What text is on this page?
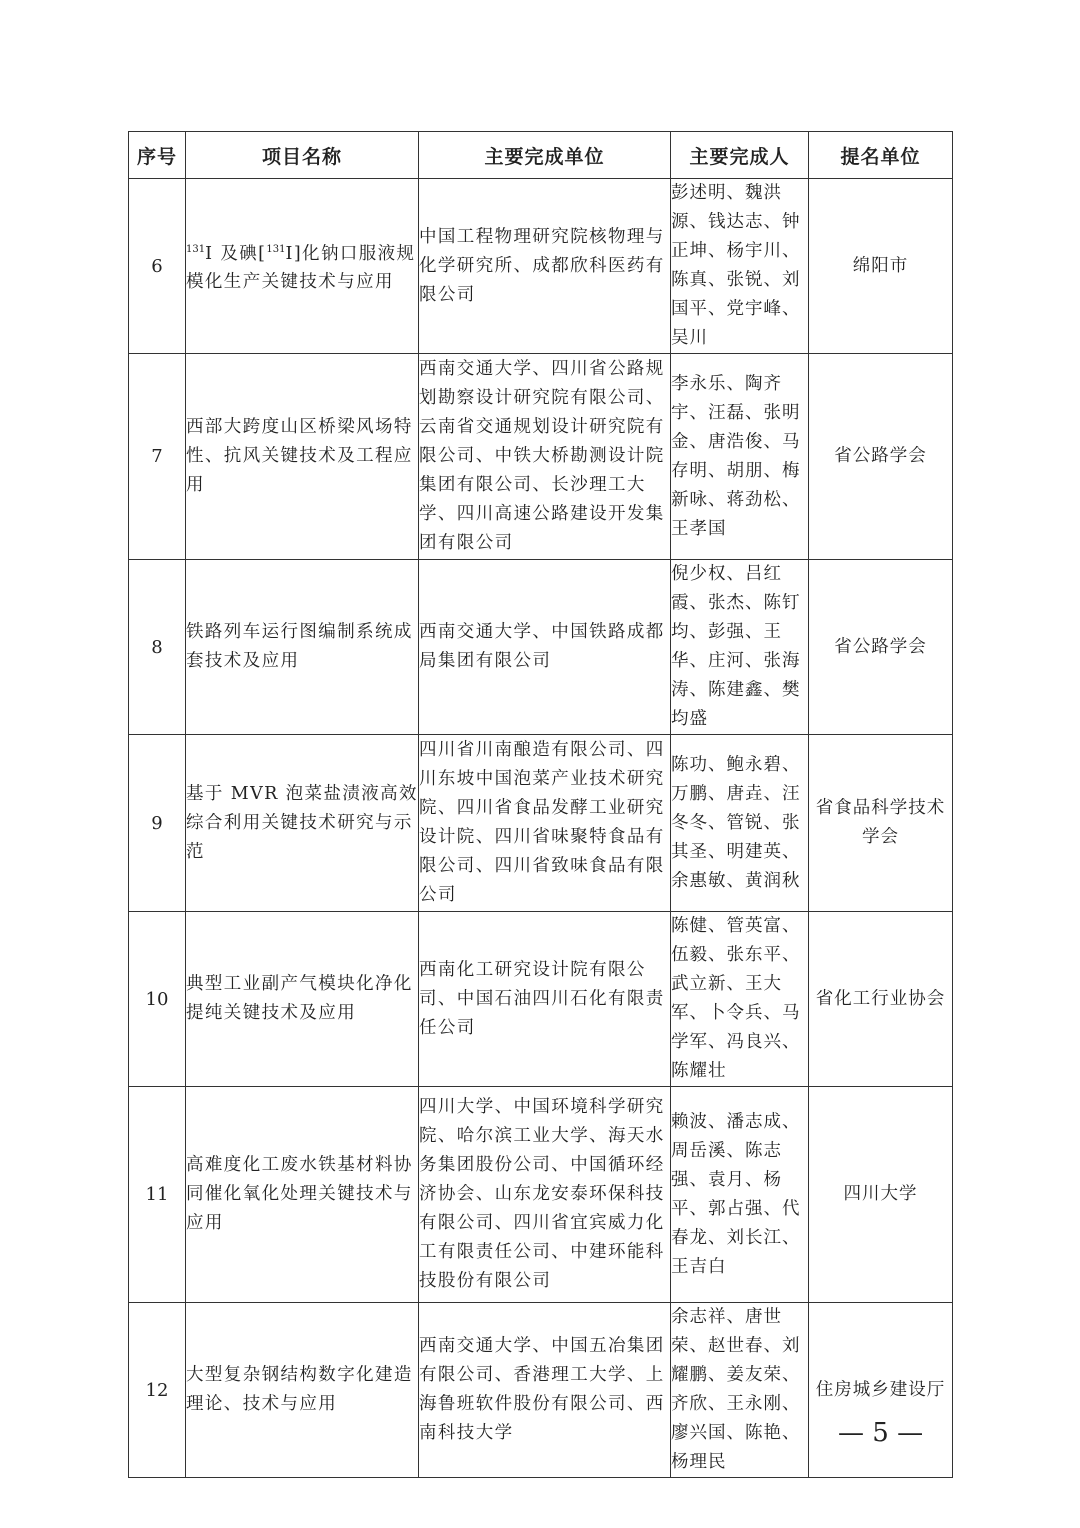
序号	项目名称	主要完成单位	主要完成人	提名单位
6	$^{131}$I 及碘[$^{131}$I]化钠口服液规模化生产关键技术与应用	中国工程物理研究院核物理与化学研究所、成都欣科医药有限公司	彭述明、魏洪源、钱达志、钟正坤、杨宇川、陈真、张锐、刘国平、党宇峰、吴川	绵阳市
7	西部大跨度山区桥梁风场特性、抗风关键技术及工程应用	西南交通大学、四川省公路规划勘察设计研究院有限公司、云南省交通规划设计研究院有限公司、中铁大桥勘测设计院集团有限公司、长沙理工大学、四川高速公路建设开发集团有限公司	李永乐、陶齐宇、汪磊、张明金、唐浩俊、马存明、胡朋、梅新咏、蒋劲松、王孝国	省公路学会
8	铁路列车运行图编制系统成套技术及应用	西南交通大学、中国铁路成都局集团有限公司	倪少权、吕红霞、张杰、陈钉均、彭强、王华、庄河、张海涛、陈建鑫、樊均盛	省公路学会
9	基于 MVR 泡菜盐渍液高效综合利用关键技术研究与示范	四川省川南酿造有限公司、四川东坡中国泡菜产业技术研究院、四川省食品发酵工业研究设计院、四川省味聚特食品有限公司、四川省致味食品有限公司	陈功、鲍永碧、万鹏、唐垚、汪冬冬、管锐、张其圣、明建英、余惠敏、黄润秋	省食品科学技术学会
10	典型工业副产气模块化净化提纯关键技术及应用	西南化工研究设计院有限公司、中国石油四川石化有限责任公司	陈健、管英富、伍毅、张东平、武立新、王大军、卜令兵、马学军、冯良兴、陈耀壮	省化工行业协会
11	高难度化工废水铁基材料协同催化氧化处理关键技术与应用	四川大学、中国环境科学研究院、哈尔滨工业大学、海天水务集团股份公司、中国循环经济协会、山东龙安泰环保科技有限公司、四川省宜宾威力化工有限责任公司、中建环能科技股份有限公司	赖波、潘志成、周岳溪、陈志强、袁月、杨平、郭占强、代春龙、刘长江、王吉白	四川大学
12	大型复杂钢结构数字化建造理论、技术与应用	西南交通大学、中国五冶集团有限公司、香港理工大学、上海鲁班软件股份有限公司、西南科技大学	余志祥、唐世荣、赵世春、刘耀鹏、姜友荣、齐欣、王永刚、廖兴国、陈艳、杨理民	住房城乡建设厅
— 5 —
